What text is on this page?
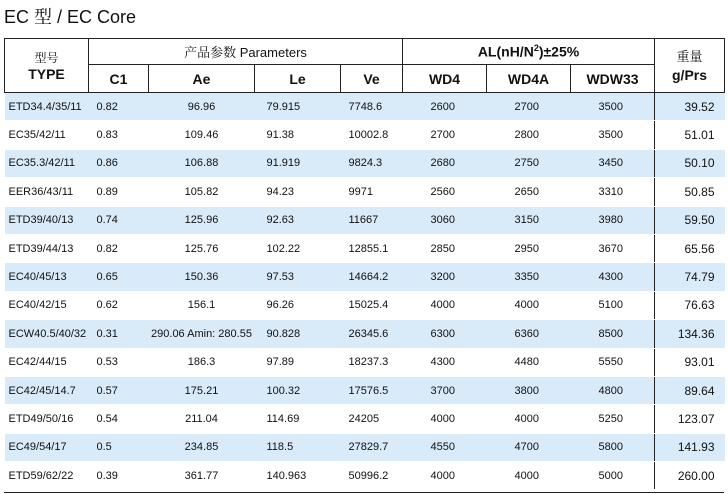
EC 型 / EC Core
型号
TYPE	产品参数 Parameters				$AL(nH/N^2)\pm 25\%$			重量
g/Prs

	C1	Ae	Le	Ve	WD4	WD4A	WDW33	
ETD34.4/35/11	0.82	96.96	79.915	7748.6	2600	2700	3500	39.52
EC35/42/11	0.83	109.46	91.38	10002.8	2700	2800	3500	51.01
EC35.3/42/11	0.86	106.88	91.919	9824.3	2680	2750	3450	50.10
EER36/43/11	0.89	105.82	94.23	9971	2560	2650	3310	50.85
ETD39/40/13	0.74	125.96	92.63	11667	3060	3150	3980	59.50
ETD39/44/13	0.82	125.76	102.22	12855.1	2850	2950	3670	65.56
EC40/45/13	0.65	150.36	97.53	14664.2	3200	3350	4300	74.79
EC40/42/15	0.62	156.1	96.26	15025.4	4000	4000	5100	76.63
ECW40.5/40/32	0.31	290.06 Amin: 280.55	90.828	26345.6	6300	6360	8500	134.36
EC42/44/15	0.53	186.3	97.89	18237.3	4300	4480	5550	93.01
EC42/45/14.7	0.57	175.21	100.32	17576.5	3700	3800	4800	89.64
ETD49/50/16	0.54	211.04	114.69	24205	4000	4000	5250	123.07
EC49/54/17	0.5	234.85	118.5	27829.7	4550	4700	5800	141.93
ETD59/62/22	0.39	361.77	140.963	50996.2	4000	4000	5000	260.00
